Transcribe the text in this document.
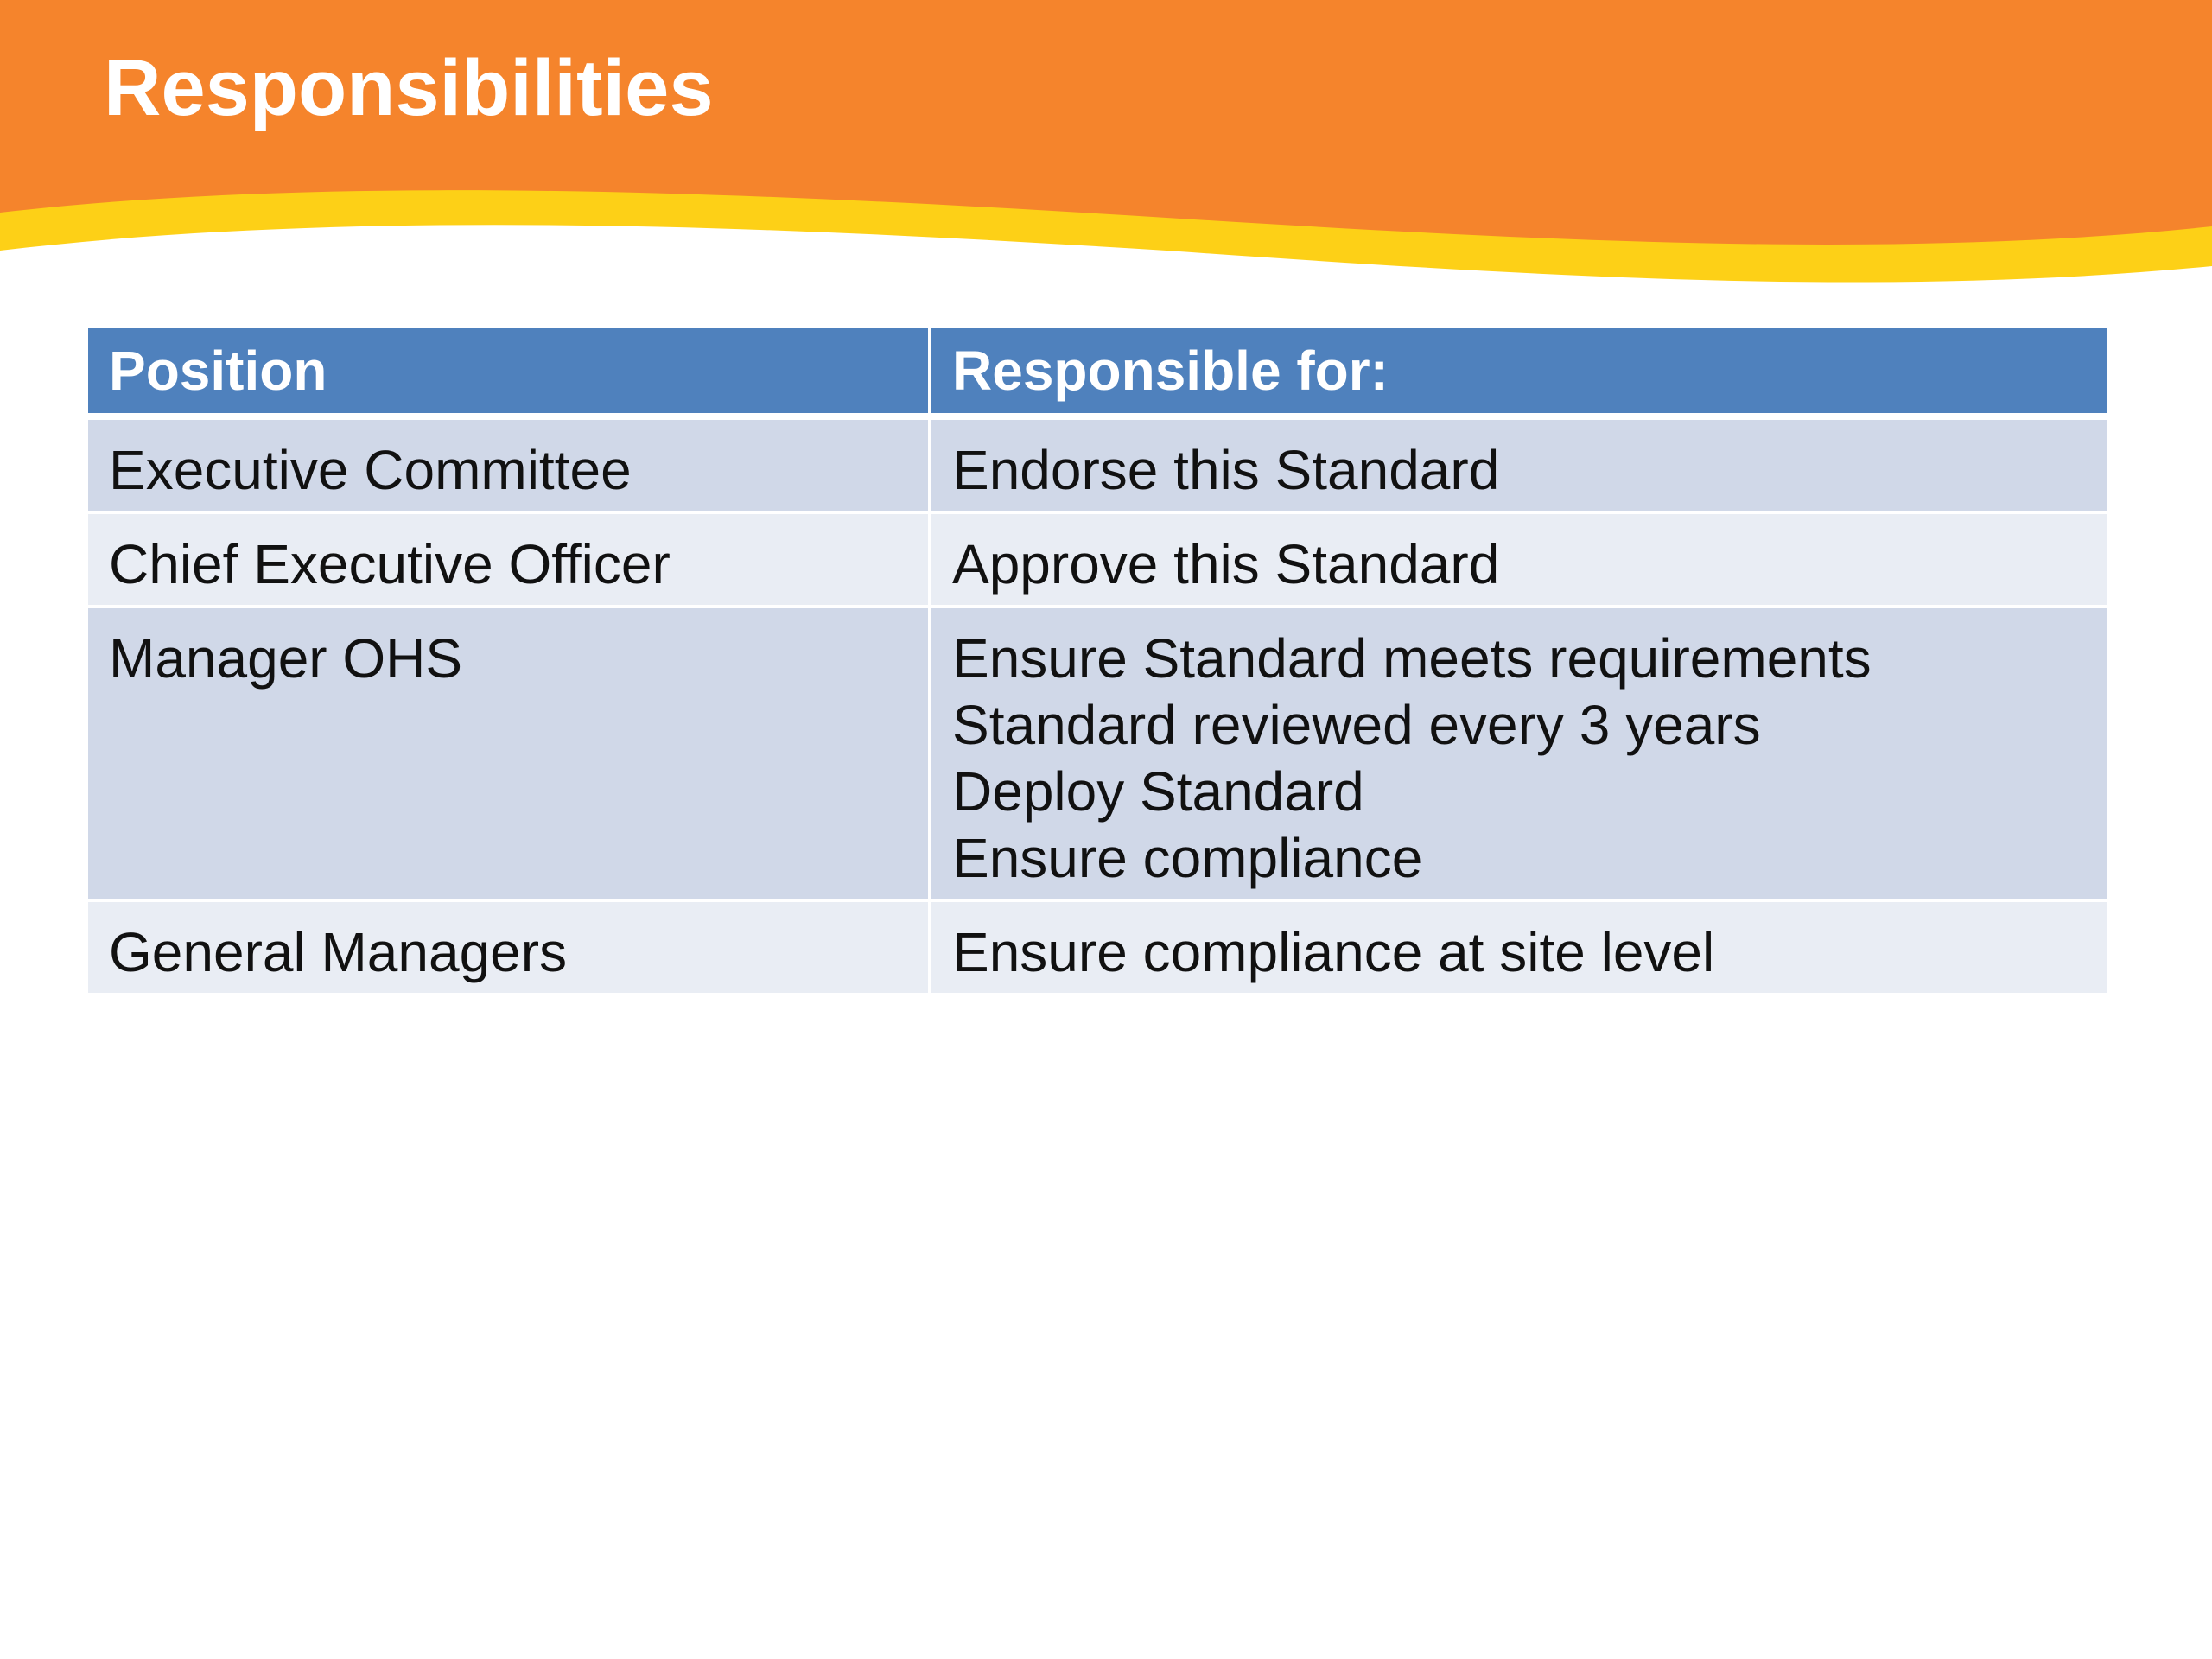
Responsibilities
Position	Responsible for:
Executive Committee	Endorse this Standard

Chief Executive Officer	Approve this Standard

Manager OHS	Ensure Standard meets requirements
Standard reviewed every 3 years
Deploy Standard
Ensure compliance

General Managers	Ensure compliance at site level
